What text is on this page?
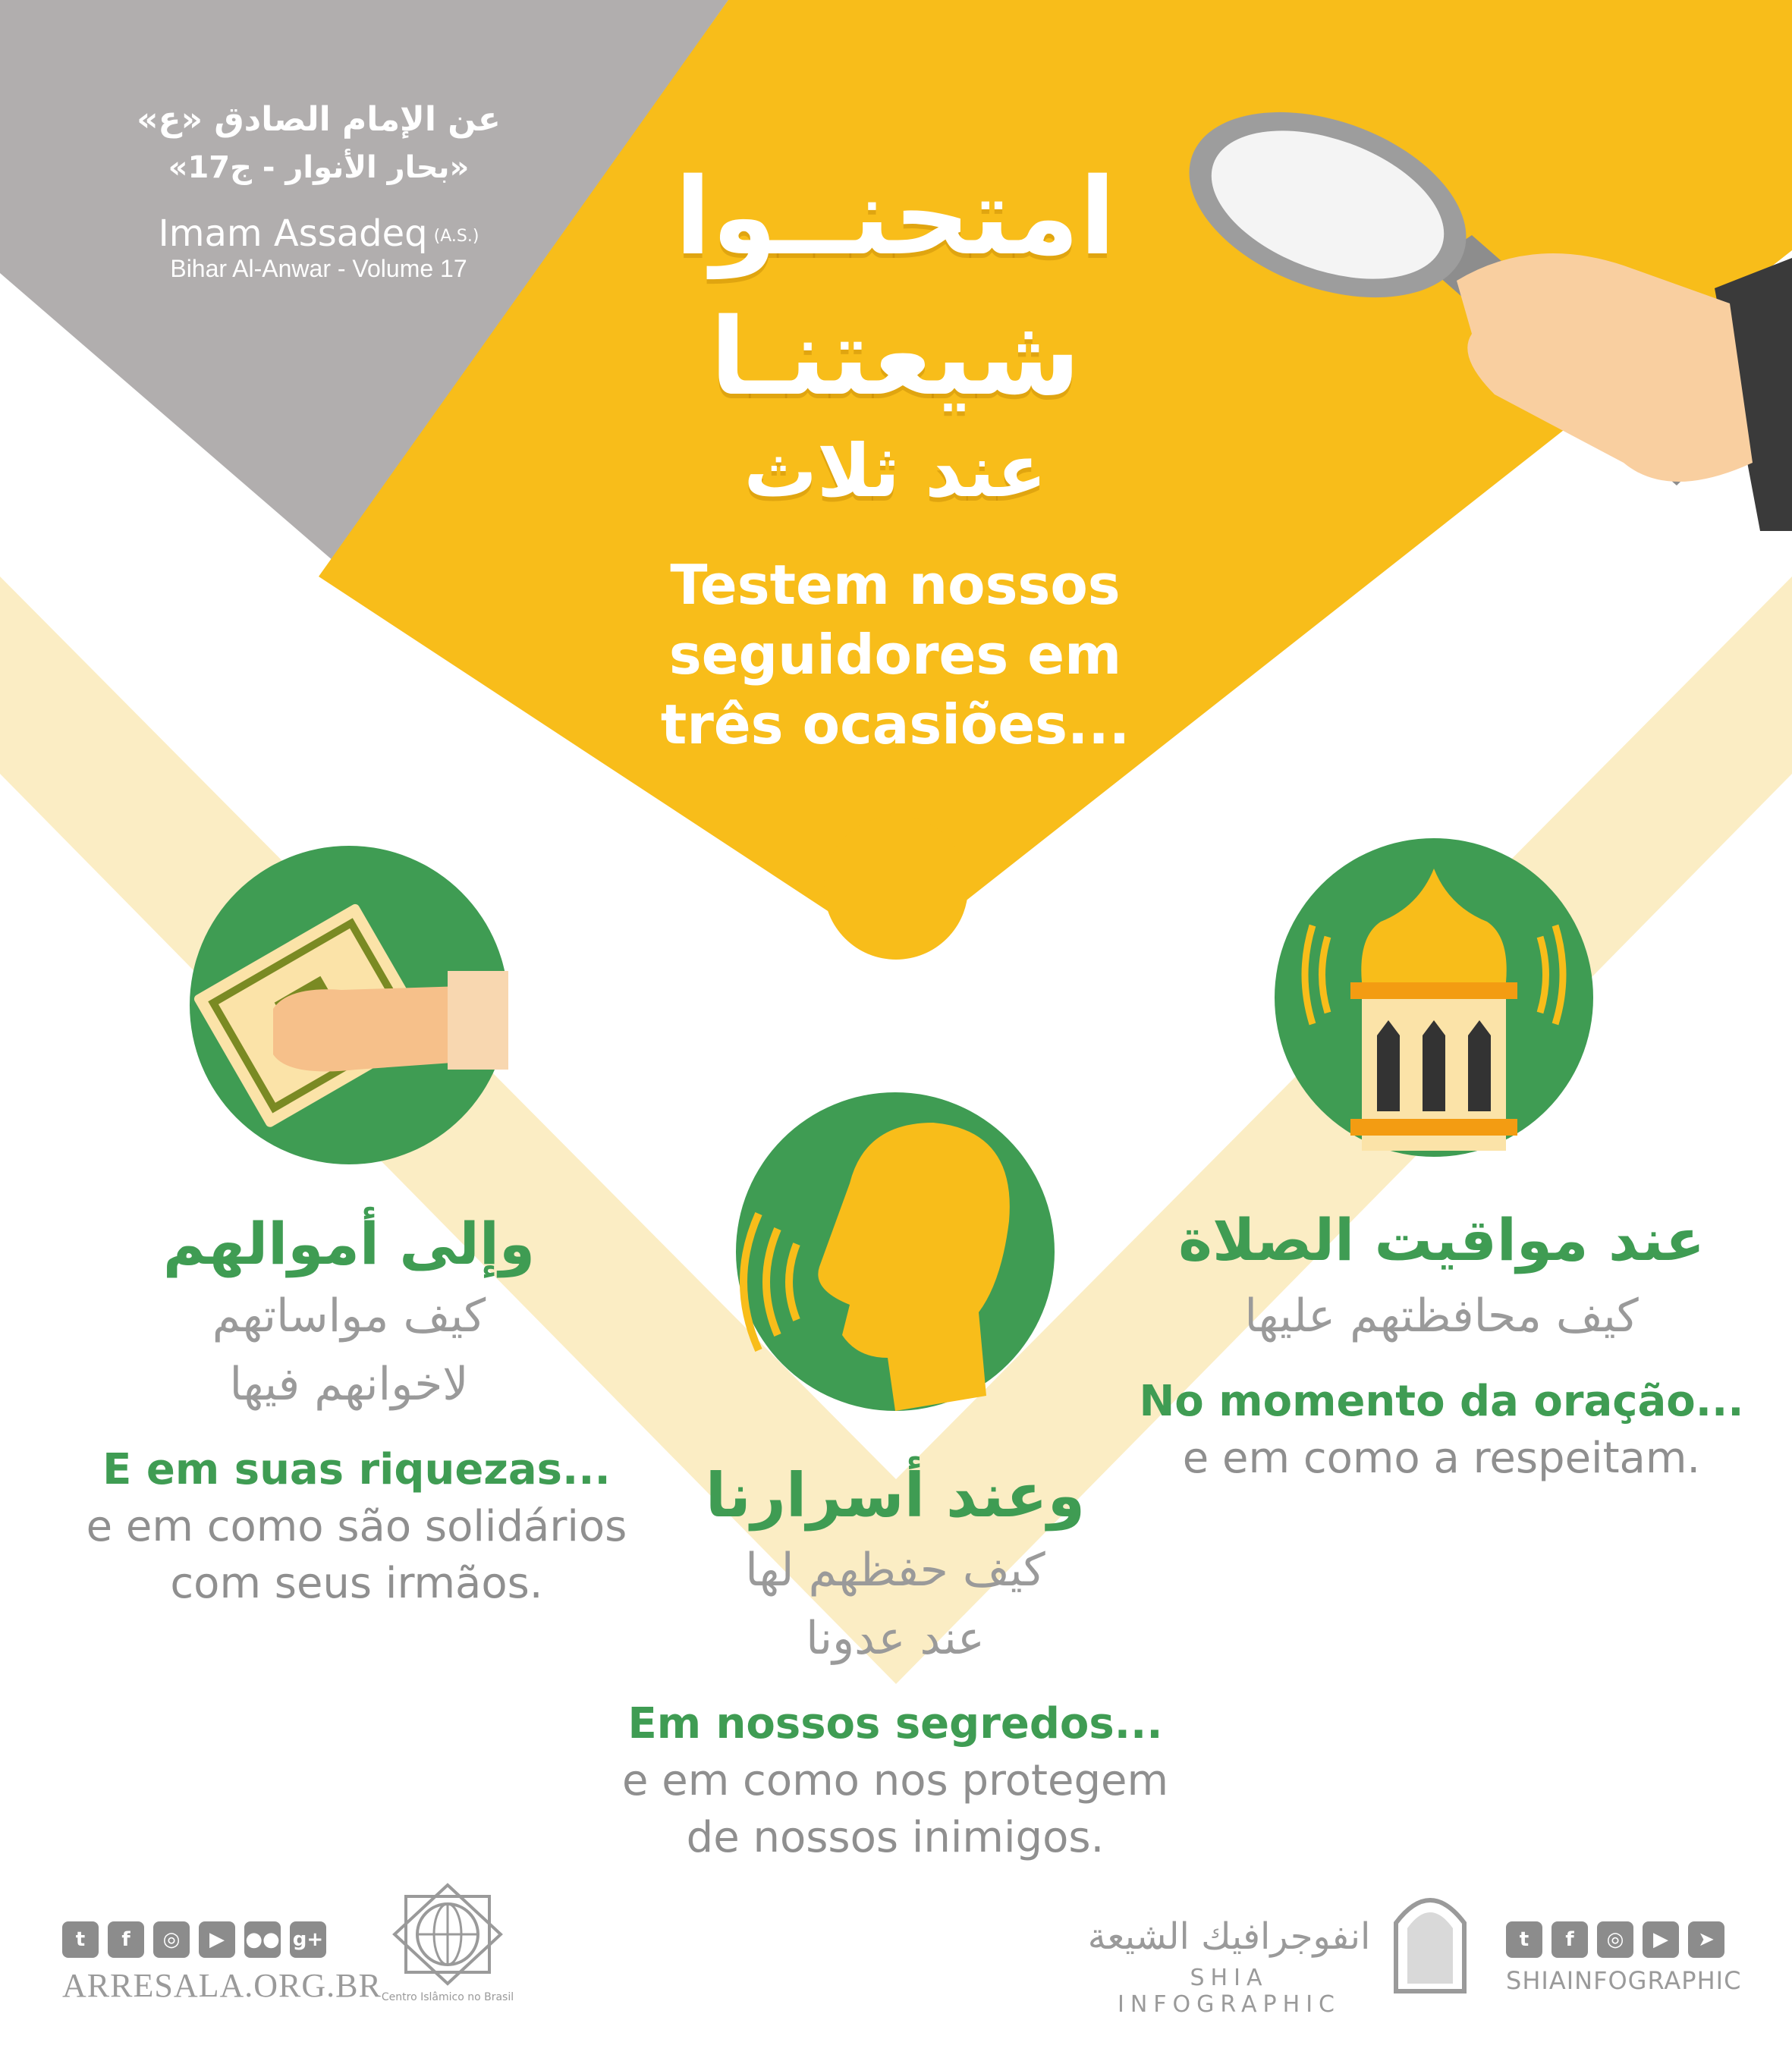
عن الإمام الصادق «ع»
«بحار الأنوار - ج17»
Imam Assadeq (A.S.)
Bihar Al-Anwar - Volume 17	امتحنــوا
شيعتنـا
عند ثلاث
Testem nossos seguidores em três ocasiões...
وإلى أموالهم
كيف مواساتهم
لاخوانهم فيها
E em suas riquezas...
e em como são solidários
com seus irmãos.
وعند أسرارنا
كيف حفظهم لها
عند عدونا
Em nossos segredos...
e em como nos protegem
de nossos inimigos.
عند مواقيت الصلاة
كيف محافظتهم عليها
No momento da oração...
e em como a respeitam.
t	f	◎	▶	●● g+
ARRESALA.ORG.BR Centro Islâmico no Brasil
انفوجرافيك الشيعة
SHIA INFOGRAPHIC
t	f	◎	▶	➤
SHIAINFOGRAPHIC
